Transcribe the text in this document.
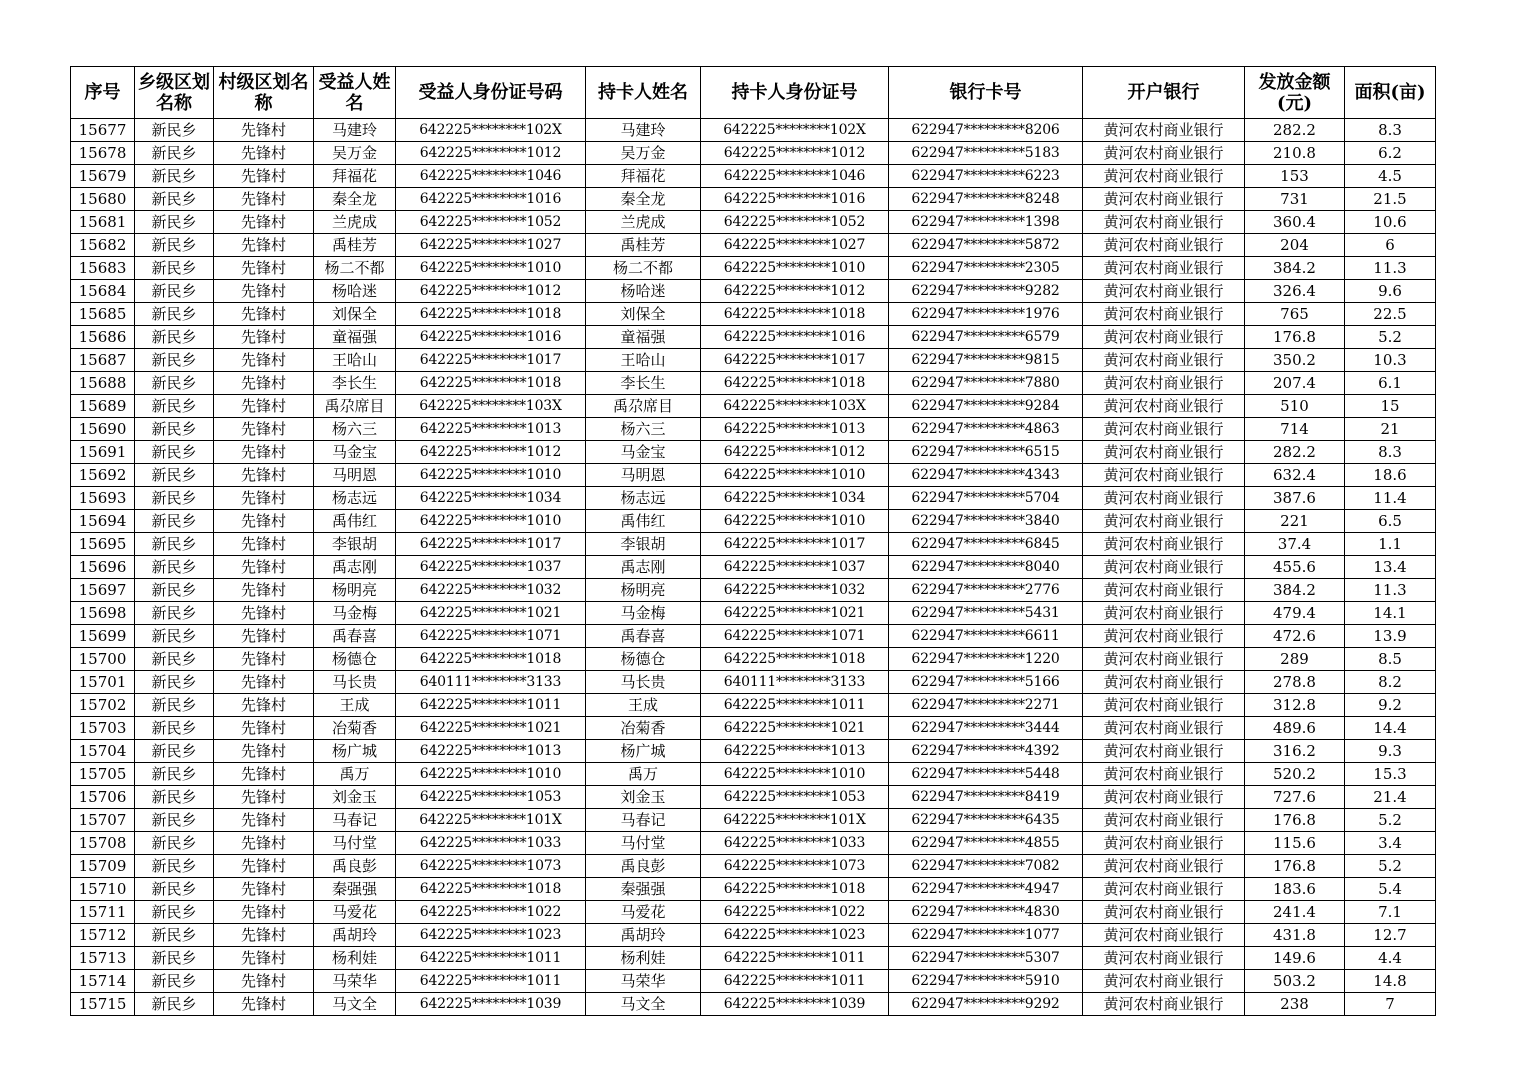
序号	乡级区划名称	村级区划名称	受益人姓名	受益人身份证号码	持卡人姓名	持卡人身份证号	银行卡号	开户银行	发放金额(元)	面积(亩)
15677	新民乡	先锋村	马建玲	642225********102X	马建玲	642225********102X	622947*********8206	黄河农村商业银行	282.2	8.3
15678	新民乡	先锋村	吴万金	642225********1012	吴万金	642225********1012	622947*********5183	黄河农村商业银行	210.8	6.2
15679	新民乡	先锋村	拜福花	642225********1046	拜福花	642225********1046	622947*********6223	黄河农村商业银行	153	4.5
15680	新民乡	先锋村	秦全龙	642225********1016	秦全龙	642225********1016	622947*********8248	黄河农村商业银行	731	21.5
15681	新民乡	先锋村	兰虎成	642225********1052	兰虎成	642225********1052	622947*********1398	黄河农村商业银行	360.4	10.6
15682	新民乡	先锋村	禹桂芳	642225********1027	禹桂芳	642225********1027	622947*********5872	黄河农村商业银行	204	6
15683	新民乡	先锋村	杨二不都	642225********1010	杨二不都	642225********1010	622947*********2305	黄河农村商业银行	384.2	11.3
15684	新民乡	先锋村	杨哈迷	642225********1012	杨哈迷	642225********1012	622947*********9282	黄河农村商业银行	326.4	9.6
15685	新民乡	先锋村	刘保全	642225********1018	刘保全	642225********1018	622947*********1976	黄河农村商业银行	765	22.5
15686	新民乡	先锋村	童福强	642225********1016	童福强	642225********1016	622947*********6579	黄河农村商业银行	176.8	5.2
15687	新民乡	先锋村	王哈山	642225********1017	王哈山	642225********1017	622947*********9815	黄河农村商业银行	350.2	10.3
15688	新民乡	先锋村	李长生	642225********1018	李长生	642225********1018	622947*********7880	黄河农村商业银行	207.4	6.1
15689	新民乡	先锋村	禹尕席目	642225********103X	禹尕席目	642225********103X	622947*********9284	黄河农村商业银行	510	15
15690	新民乡	先锋村	杨六三	642225********1013	杨六三	642225********1013	622947*********4863	黄河农村商业银行	714	21
15691	新民乡	先锋村	马金宝	642225********1012	马金宝	642225********1012	622947*********6515	黄河农村商业银行	282.2	8.3
15692	新民乡	先锋村	马明恩	642225********1010	马明恩	642225********1010	622947*********4343	黄河农村商业银行	632.4	18.6
15693	新民乡	先锋村	杨志远	642225********1034	杨志远	642225********1034	622947*********5704	黄河农村商业银行	387.6	11.4
15694	新民乡	先锋村	禹伟红	642225********1010	禹伟红	642225********1010	622947*********3840	黄河农村商业银行	221	6.5
15695	新民乡	先锋村	李银胡	642225********1017	李银胡	642225********1017	622947*********6845	黄河农村商业银行	37.4	1.1
15696	新民乡	先锋村	禹志刚	642225********1037	禹志刚	642225********1037	622947*********8040	黄河农村商业银行	455.6	13.4
15697	新民乡	先锋村	杨明亮	642225********1032	杨明亮	642225********1032	622947*********2776	黄河农村商业银行	384.2	11.3
15698	新民乡	先锋村	马金梅	642225********1021	马金梅	642225********1021	622947*********5431	黄河农村商业银行	479.4	14.1
15699	新民乡	先锋村	禹春喜	642225********1071	禹春喜	642225********1071	622947*********6611	黄河农村商业银行	472.6	13.9
15700	新民乡	先锋村	杨德仓	642225********1018	杨德仓	642225********1018	622947*********1220	黄河农村商业银行	289	8.5
15701	新民乡	先锋村	马长贵	640111********3133	马长贵	640111********3133	622947*********5166	黄河农村商业银行	278.8	8.2
15702	新民乡	先锋村	王成	642225********1011	王成	642225********1011	622947*********2271	黄河农村商业银行	312.8	9.2
15703	新民乡	先锋村	冶菊香	642225********1021	冶菊香	642225********1021	622947*********3444	黄河农村商业银行	489.6	14.4
15704	新民乡	先锋村	杨广城	642225********1013	杨广城	642225********1013	622947*********4392	黄河农村商业银行	316.2	9.3
15705	新民乡	先锋村	禹万	642225********1010	禹万	642225********1010	622947*********5448	黄河农村商业银行	520.2	15.3
15706	新民乡	先锋村	刘金玉	642225********1053	刘金玉	642225********1053	622947*********8419	黄河农村商业银行	727.6	21.4
15707	新民乡	先锋村	马春记	642225********101X	马春记	642225********101X	622947*********6435	黄河农村商业银行	176.8	5.2
15708	新民乡	先锋村	马付堂	642225********1033	马付堂	642225********1033	622947*********4855	黄河农村商业银行	115.6	3.4
15709	新民乡	先锋村	禹良彭	642225********1073	禹良彭	642225********1073	622947*********7082	黄河农村商业银行	176.8	5.2
15710	新民乡	先锋村	秦强强	642225********1018	秦强强	642225********1018	622947*********4947	黄河农村商业银行	183.6	5.4
15711	新民乡	先锋村	马爱花	642225********1022	马爱花	642225********1022	622947*********4830	黄河农村商业银行	241.4	7.1
15712	新民乡	先锋村	禹胡玲	642225********1023	禹胡玲	642225********1023	622947*********1077	黄河农村商业银行	431.8	12.7
15713	新民乡	先锋村	杨利娃	642225********1011	杨利娃	642225********1011	622947*********5307	黄河农村商业银行	149.6	4.4
15714	新民乡	先锋村	马荣华	642225********1011	马荣华	642225********1011	622947*********5910	黄河农村商业银行	503.2	14.8
15715	新民乡	先锋村	马文全	642225********1039	马文全	642225********1039	622947*********9292	黄河农村商业银行	238	7
